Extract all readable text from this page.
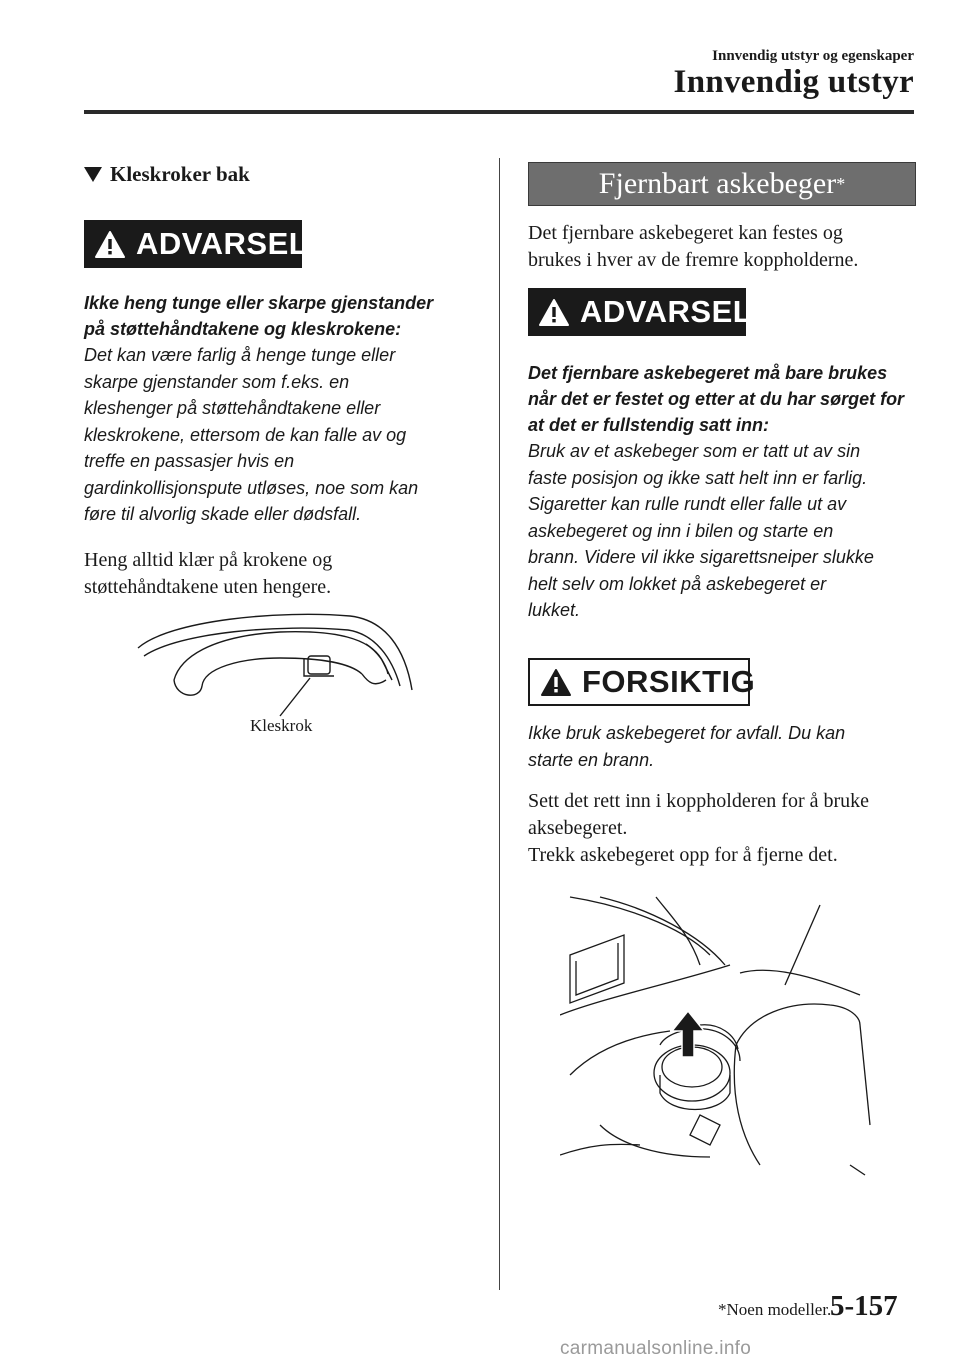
Innvendig utstyr og egenskaper
Innvendig utstyr
Kleskroker bak
ADVARSEL
Ikke heng tunge eller skarpe gjenstander
på støttehåndtakene og kleskrokene:
Det kan være farlig å henge tunge eller
skarpe gjenstander som f.eks. en
kleshenger på støttehåndtakene eller
kleskrokene, ettersom de kan falle av og
treffe en passasjer hvis en
gardinkollisjonspute utløses, noe som kan
føre til alvorlig skade eller dødsfall.
Heng alltid klær på krokene og
støttehåndtakene uten hengere.
Kleskrok
Fjernbart askebeger *
Det fjernbare askebegeret kan festes og
brukes i hver av de fremre koppholderne.
ADVARSEL
Det fjernbare askebegeret må bare brukes
når det er festet og etter at du har sørget for
at det er fullstendig satt inn:
Bruk av et askebeger som er tatt ut av sin
faste posisjon og ikke satt helt inn er farlig.
Sigaretter kan rulle rundt eller falle ut av
askebegeret og inn i bilen og starte en
brann. Videre vil ikke sigarettsneiper slukke
helt selv om lokket på askebegeret er
lukket.
FORSIKTIG
Ikke bruk askebegeret for avfall. Du kan
starte en brann.
Sett det rett inn i koppholderen for å bruke
aksebegeret.
Trekk askebegeret opp for å fjerne det.
*Noen modeller.
5-157
carmanualsonline.info
